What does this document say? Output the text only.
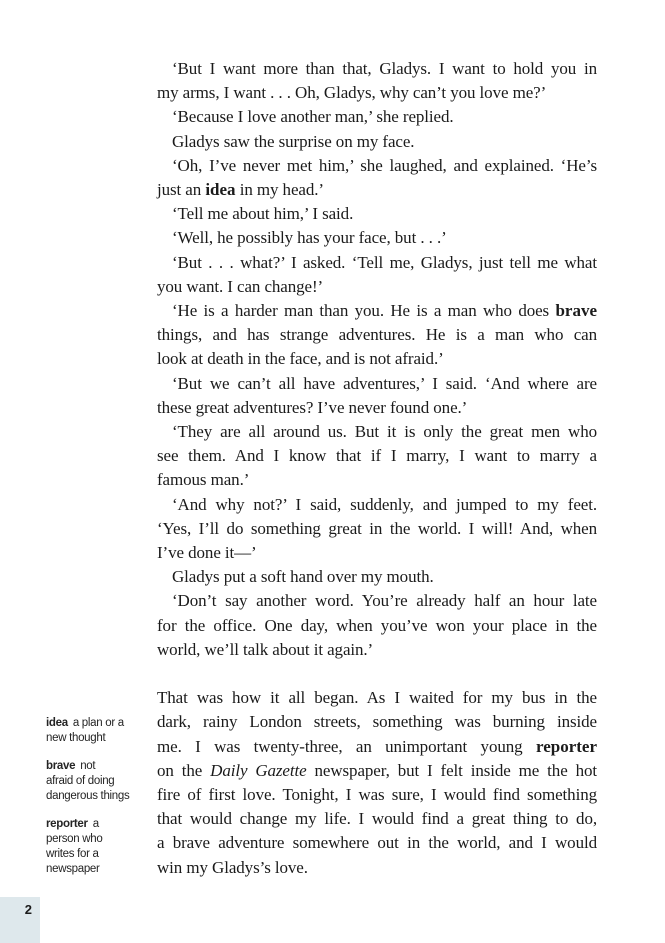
‘But I want more than that, Gladys. I want to hold you in
my arms, I want . . . Oh, Gladys, why can’t you love me?’
‘Because I love another man,’ she replied.
Gladys saw the surprise on my face.
‘Oh, I’ve never met him,’ she laughed, and explained. ‘He’s
just an idea in my head.’
‘Tell me about him,’ I said.
‘Well, he possibly has your face, but . . .’
‘But . . . what?’ I asked. ‘Tell me, Gladys, just tell me what
you want. I can change!’
‘He is a harder man than you. He is a man who does brave
things, and has strange adventures. He is a man who can
look at death in the face, and is not afraid.’
‘But we can’t all have adventures,’ I said. ‘And where are
these great adventures? I’ve never found one.’
‘They are all around us. But it is only the great men who
see them. And I know that if I marry, I want to marry a
famous man.’
‘And why not?’ I said, suddenly, and jumped to my feet.
‘Yes, I’ll do something great in the world. I will! And, when
I’ve done it—’
Gladys put a soft hand over my mouth.
‘Don’t say another word. You’re already half an hour late
for the office. One day, when you’ve won your place in the
world, we’ll talk about it again.’
That was how it all began. As I waited for my bus in the
dark, rainy London streets, something was burning inside
me. I was twenty-three, an unimportant young reporter
on the Daily Gazette newspaper, but I felt inside me the hot
fire of first love. Tonight, I was sure, I would find something
that would change my life. I would find a great thing to do,
a brave adventure somewhere out in the world, and I would
win my Gladys’s love.
idea a plan or a
new thought
brave not
afraid of doing
dangerous things
reporter a
person who
writes for a
newspaper
2
